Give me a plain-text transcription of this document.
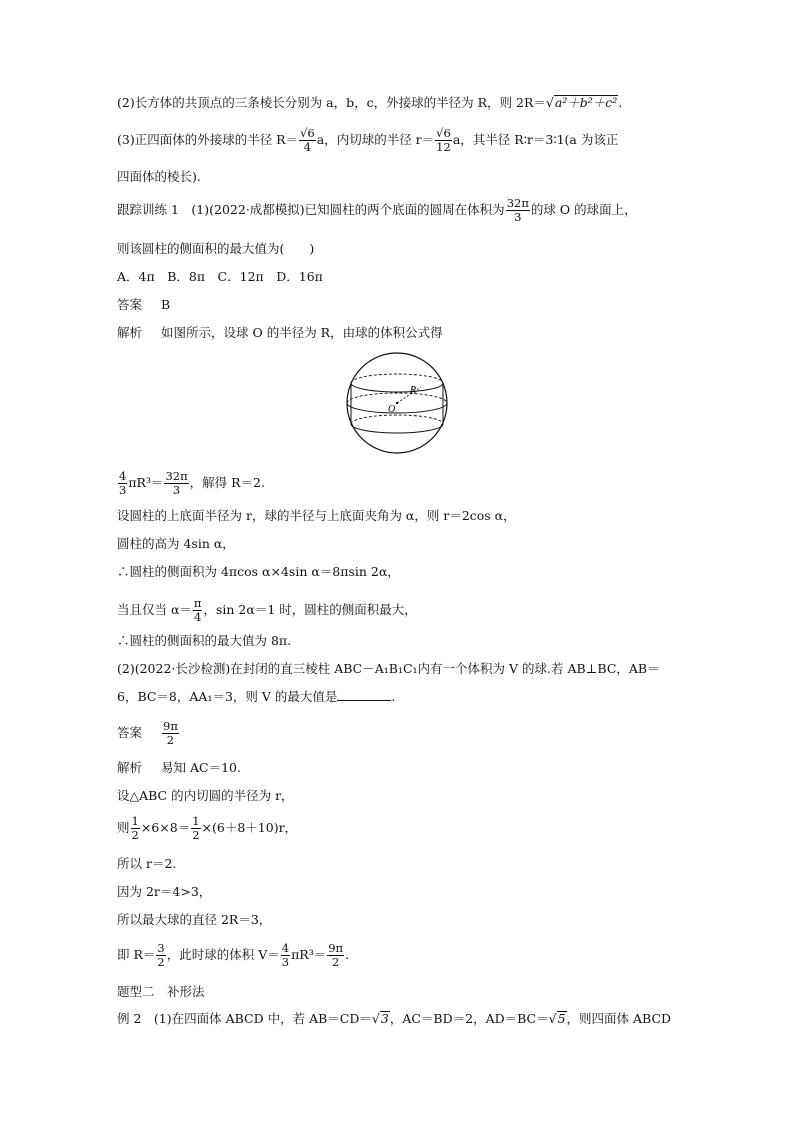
(2)长方体的共顶点的三条棱长分别为 a，b，c，外接球的半径为 R，则 2R＝√a²＋b²＋c².
(3)正四面体的外接球的半径 $R= \frac{√6}{4}$ a，内切球的半径 $r= \frac{√6}{12}$ a，其半径 R∶r＝3∶1(a 为该正
四面体的棱长).
跟踪训练 1　(1)(2022·成都模拟)已知圆柱的两个底面的圆周在体积为 $\frac{32\pi}{3}$ 的球 O 的球面上，
则该圆柱的侧面积的最大值为(　　)
A．4π　B．8π　C．12π　D．16π
答案 B
解析 如图所示，设球 O 的半径为 R，由球的体积公式得
R
O
$\frac{4}{3} \pi R^3= \frac{32\pi}{3}$ ，解得 R＝2.
设圆柱的上底面半径为 r，球的半径与上底面夹角为 α，则 r＝2cos α，
圆柱的高为 4sin α，
∴圆柱的侧面积为 4πcos α×4sin α＝8πsin 2α，
当且仅当 $\alpha= \frac{\pi}{4}$ ，sin 2α＝1 时，圆柱的侧面积最大，
∴圆柱的侧面积的最大值为 8π.
(2)(2022·长沙检测)在封闭的直三棱柱 ABC－A₁B₁C₁内有一个体积为 V 的球.若 AB⊥BC，AB＝
6，BC＝8，AA₁＝3，则 V 的最大值是	.
答案 $\frac{9\pi}{2}$
解析 易知 AC＝10.
设△ABC 的内切圆的半径为 r，
则 $\frac{1}{2} \times 6\times 8= \frac{1}{2} \times(6+8+10)r$，
所以 r＝2.
因为 2r＝4>3，
所以最大球的直径 2R＝3，
即 $R= \frac{3}{2}$ ，此时球的体积 $V= \frac{4}{3} \pi R^3= \frac{9\pi}{2}$ .
题型二　补形法
例 2　(1)在四面体 ABCD 中，若 AB＝CD＝√3，AC＝BD＝2，AD＝BC＝√5，则四面体 ABCD
